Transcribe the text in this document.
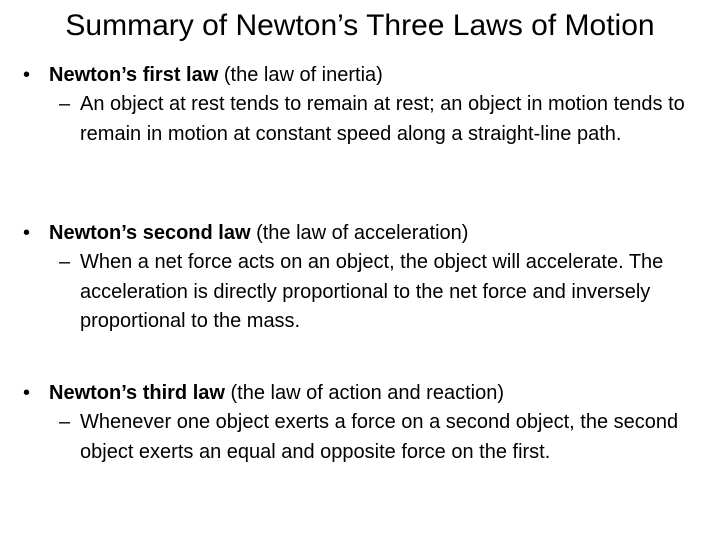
Summary of Newton’s Three Laws of Motion
• Newton’s first law (the law of inertia)
– An object at rest tends to remain at rest; an object in motion tends to remain in motion at constant speed along a straight-line path.
• Newton’s second law (the law of acceleration)
– When a net force acts on an object, the object will accelerate. The acceleration is directly proportional to the net force and inversely proportional to the mass.
• Newton’s third law (the law of action and reaction)
– Whenever one object exerts a force on a second object, the second object exerts an equal and opposite force on the first.
